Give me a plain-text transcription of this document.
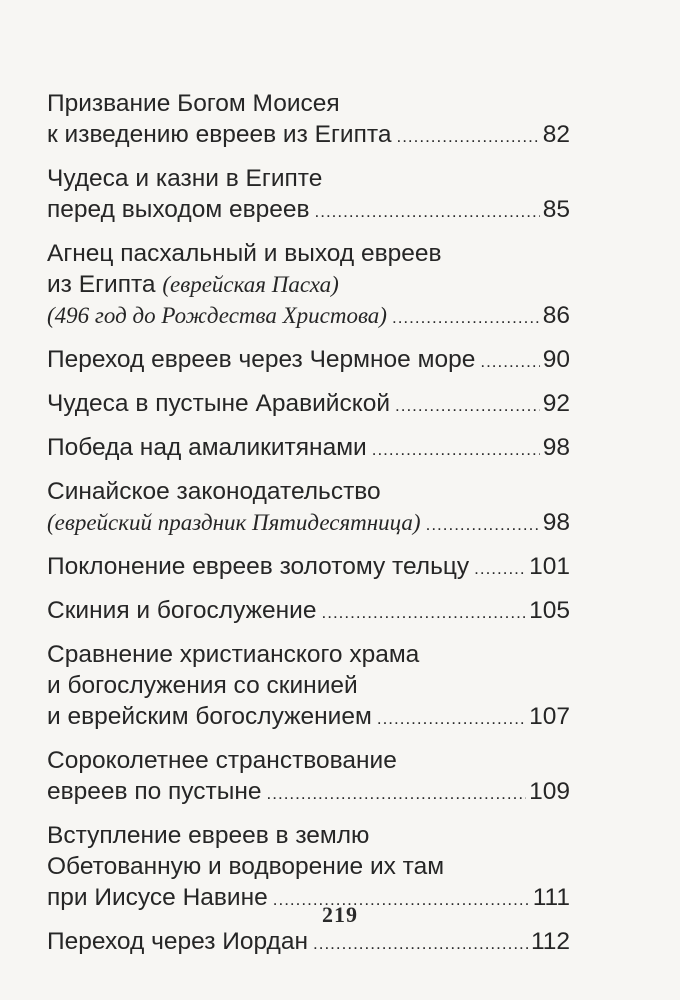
Призвание Богом Моисея
к изведению евреев из Египта .....	82
Чудеса и казни в Египте
перед выходом евреев .....	85
Агнец пасхальный и выход евреев
из Египта (еврейская Пасха)
(496 год до Рождества Христова) .....	86
Переход евреев через Чермное море .....	90
Чудеса в пустыне Аравийской .....	92
Победа над амаликитянами .....	98
Синайское законодательство
(еврейский праздник Пятидесятница) .....	98
Поклонение евреев золотому тельцу ..... 101
Скиния и богослужение .....	105
Сравнение христианского храма
и богослужения со скинией
и еврейским богослужением .....	107
Сороколетнее странствование
евреев по пустыне .....	109
Вступление евреев в землю
Обетованную и водворение их там
при Иисусе Навине .....	111
Переход через Иордан .....	112
219
